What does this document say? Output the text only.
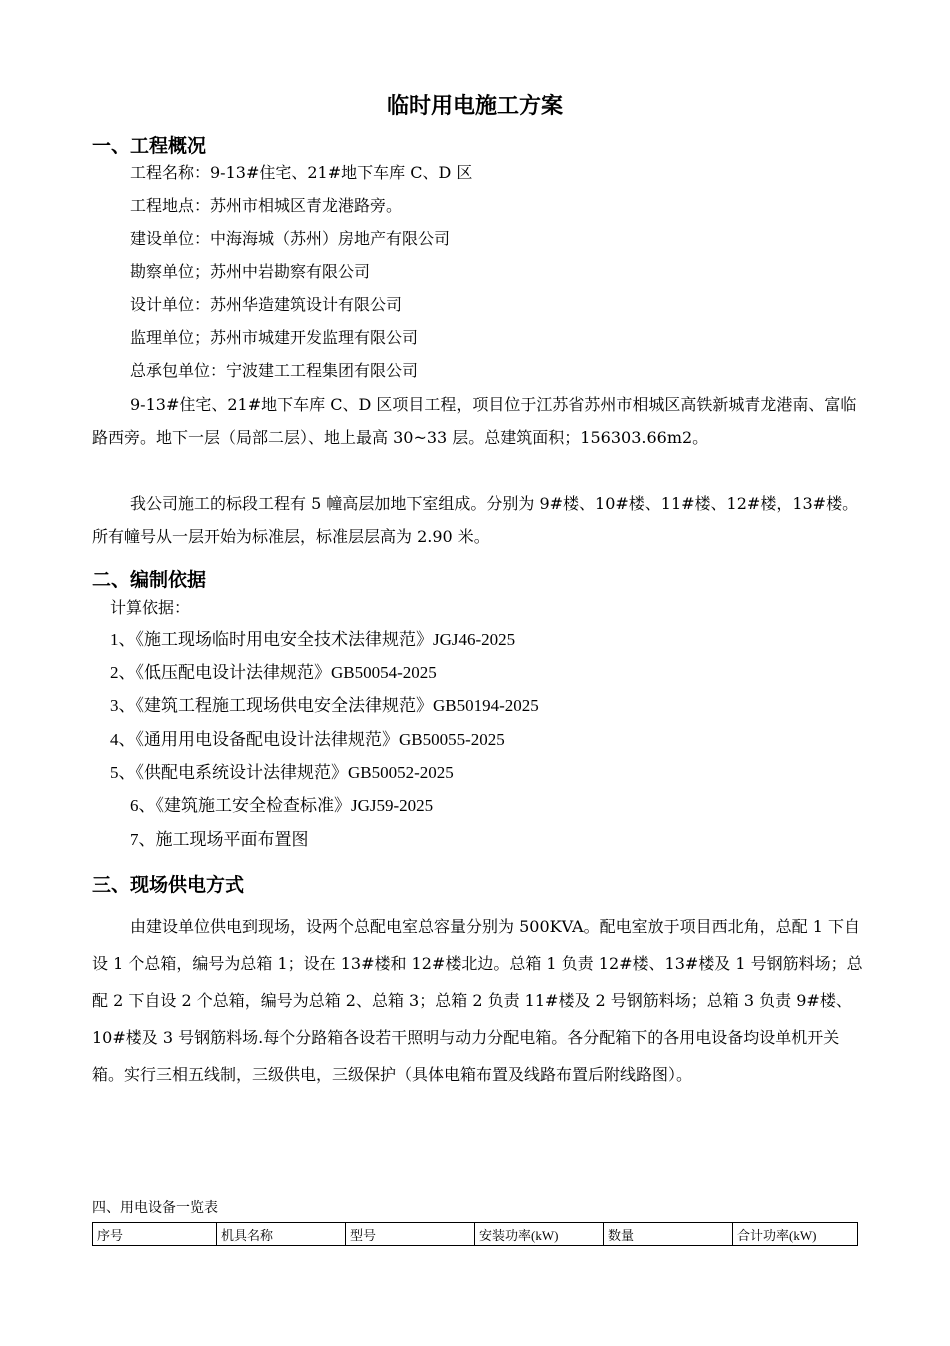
临时用电施工方案
一、工程概况
工程名称：9-13#住宅、21#地下车库 C、D 区
工程地点：苏州市相城区青龙港路旁。
建设单位：中海海城（苏州）房地产有限公司
勘察单位；苏州中岩勘察有限公司
设计单位：苏州华造建筑设计有限公司
监理单位；苏州市城建开发监理有限公司
总承包单位：宁波建工工程集团有限公司

9-13#住宅、21#地下车库 C、D 区项目工程，项目位于江苏省苏州市相城区高铁新城青龙港南、富临路西旁。地下一层（局部二层）、地上最高 30~33 层。总建筑面积；156303.66m2。

我公司施工的标段工程有 5 幢高层加地下室组成。分别为 9#楼、10#楼、11#楼、12#楼，13#楼。所有幢号从一层开始为标准层，标准层层高为 2.90 米。

二、编制依据
计算依据：
1、《施工现场临时用电安全技术法律规范》JGJ46-2025
2、《低压配电设计法律规范》GB50054-2025
3、《建筑工程施工现场供电安全法律规范》GB50194-2025
4、《通用用电设备配电设计法律规范》GB50055-2025
5、《供配电系统设计法律规范》GB50052-2025
6、《建筑施工安全检查标准》JGJ59-2025
7、施工现场平面布置图
三、现场供电方式

由建设单位供电到现场，设两个总配电室总容量分别为 500KVA。配电室放于项目西北角，总配 1 下自设 1 个总箱，编号为总箱 1；设在 13#楼和 12#楼北边。总箱 1 负责 12#楼、13#楼及 1 号钢筋料场；总配 2 下自设 2 个总箱，编号为总箱 2、总箱 3；总箱 2 负责 11#楼及 2 号钢筋料场；总箱 3 负责 9#楼、10#楼及 3 号钢筋料场.每个分路箱各设若干照明与动力分配电箱。各分配箱下的各用电设备均设单机开关箱。实行三相五线制，三级供电，三级保护（具体电箱布置及线路布置后附线路图）。

四、用电设备一览表
序号	机具名称	型号	安装功率(kW)	数量	合计功率(kW)
